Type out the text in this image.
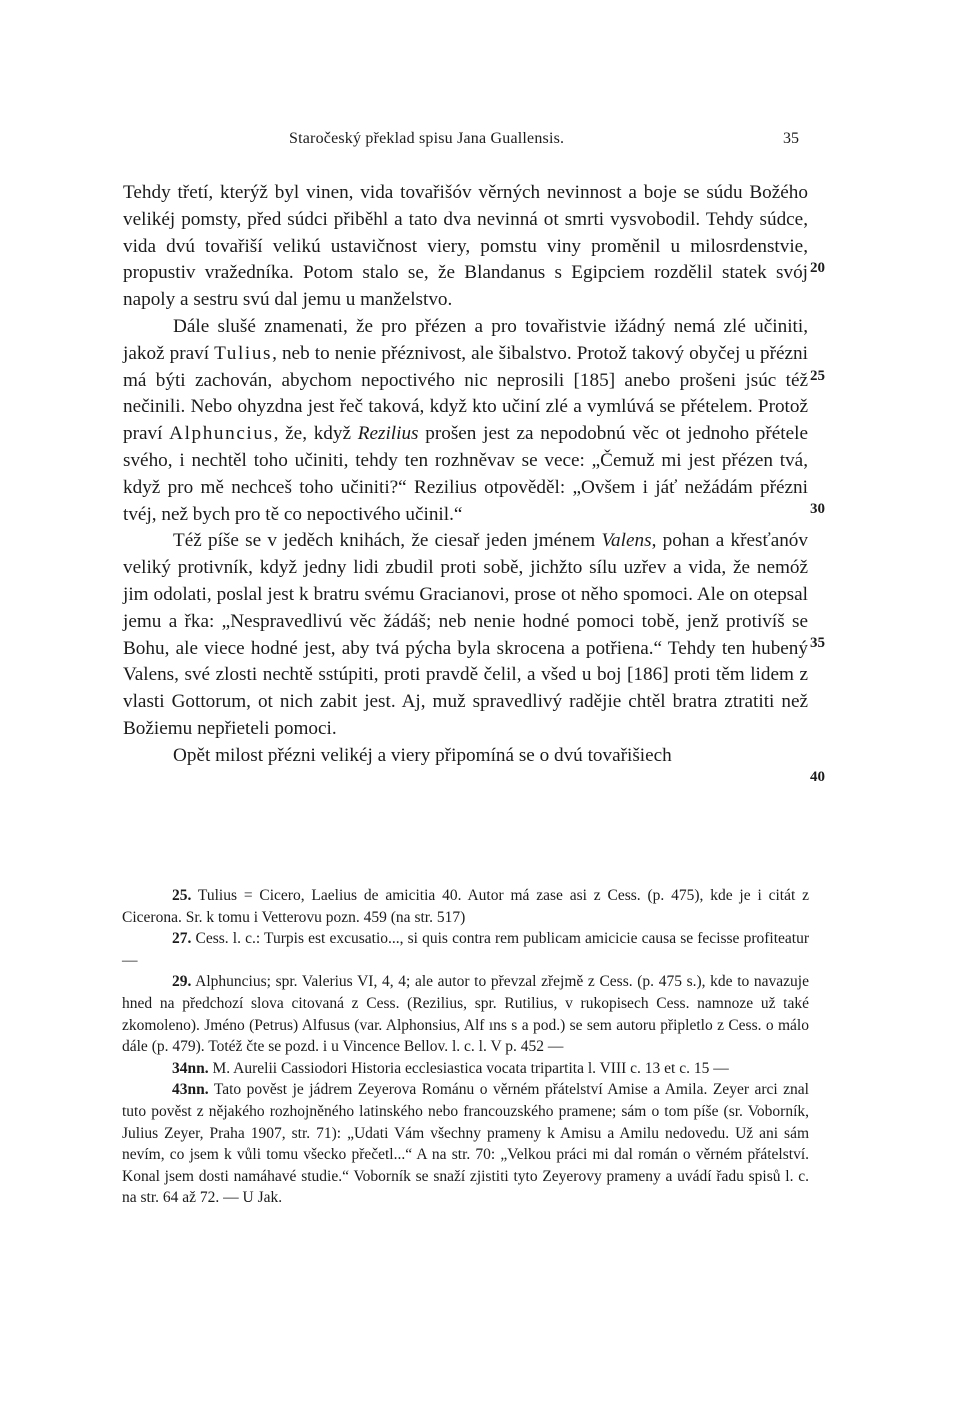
Staročeský překlad spisu Jana Guallensis.	35

Tehdy třetí, kterýž byl vinen, vida tovařišóv věrných nevinnost a boje se súdu Božého velikéj pomsty, před súdci přiběhl a tato dva nevinná ot smrti vysvobodil. Tehdy súdce, vida dvú tovařiší velikú ustavičnost viery, pomstu viny proměnil u milosrdenstvie, propustiv vražedníka. Potom stalo se, že Blandanus s Egipciem rozdělil statek svój napoly a sestru svú dal jemu u manželstvo.

Dále slušé znamenati, že pro přézen a pro tovařistvie ižádný nemá zlé učiniti, jakož praví Tulius, neb to nenie přéznivost, ale šibalstvo. Protož takový obyčej u přézni má býti zachován, abychom nepoctivého nic neprosili [185] anebo prošeni jsúc též nečinili. Nebo ohyzdna jest řeč taková, když kto učiní zlé a vymlúvá se přételem. Protož praví Alphuncius, že, když Rezilius prošen jest za nepodobnú věc ot jednoho přétele svého, i nechtěl toho učiniti, tehdy ten rozhněvav se vece: „Čemuž mi jest přézen tvá, když pro mě nechceš toho učiniti?“ Rezilius otpověděl: „Ovšem i jáť nežádám přézni tvéj, než bych pro tě co nepoctivého učinil.“

Též píše se v jeděch knihách, že ciesař jeden jménem Valens, pohan a křesťanóv veliký protivník, když jedny lidi zbudil proti sobě, jichžto sílu uzřev a vida, že nemóž jim odolati, poslal jest k bratru svému Gracianovi, prose ot něho spomoci. Ale on otepsal jemu a řka: „Nespravedlivú věc žádáš; neb nenie hodné pomoci tobě, jenž protivíš se Bohu, ale viece hodné jest, aby tvá pýcha byla skrocena a potřiena.“ Tehdy ten hubený Valens, své zlosti nechtě sstúpiti, proti pravdě čelil, a všed u boj [186] proti těm lidem z vlasti Gottorum, ot nich zabit jest. Aj, muž spravedlivý radějie chtěl bratra ztratiti než Božiemu nepřieteli pomoci.

Opět milost přézni velikéj a viery připomíná se o dvú tovařišiech

20
25
30
35
40

25. Tulius = Cicero, Laelius de amicitia 40. Autor má zase asi z Cess. (p. 475), kde je i citát z Cicerona. Sr. k tomu i Vetterovu pozn. 459 (na str. 517)

27. Cess. l. c.: Turpis est excusatio..., si quis contra rem publicam amicicie causa se fecisse profiteatur —

29. Alphuncius; spr. Valerius VI, 4, 4; ale autor to převzal zřejmě z Cess. (p. 475 s.), kde to navazuje hned na předchozí slova citovaná z Cess. (Rezilius, spr. Rutilius, v rukopisech Cess. namnoze už také zkomoleno). Jméno (Petrus) Alfusus (var. Alphonsius, Alf ıns s a pod.) se sem autoru připletlo z Cess. o málo dále (p. 479). Totéž čte se pozd. i u Vincence Bellov. l. c. l. V p. 452 —

34nn. M. Aurelii Cassiodori Historia ecclesiastica vocata tripartita l. VIII c. 13 et c. 15 —

43nn. Tato pověst je jádrem Zeyerova Románu o věrném přátelství Amise a Amila. Zeyer arci znal tuto pověst z nějakého rozhojněného latinského nebo francouzského pramene; sám o tom píše (sr. Voborník, Julius Zeyer, Praha 1907, str. 71): „Udati Vám všechny prameny k Amisu a Amilu nedovedu. Už ani sám nevím, co jsem k vůli tomu všecko přečetl...“ A na str. 70: „Velkou práci mi dal román o věrném přátelství. Konal jsem dosti namáhavé studie.“ Voborník se snaží zjistiti tyto Zeyerovy prameny a uvádí řadu spisů l. c. na str. 64 až 72. — U Jak.
